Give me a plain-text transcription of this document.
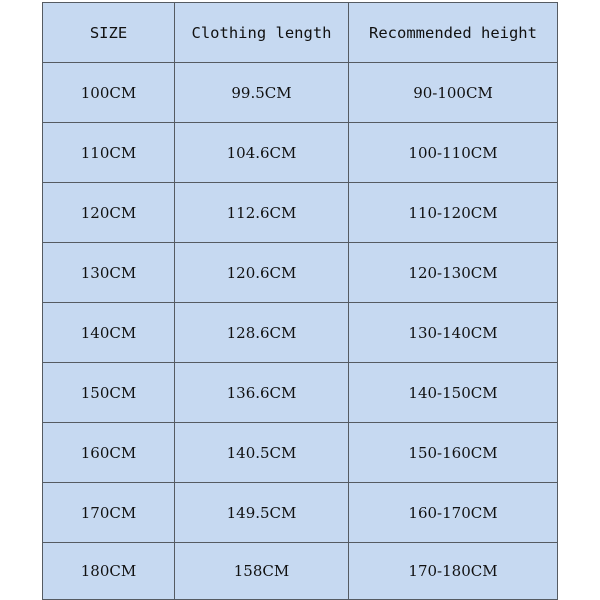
SIZE	Clothing length	Recommended height
100CM	99.5CM	90-100CM
110CM	104.6CM	100-110CM
120CM	112.6CM	110-120CM
130CM	120.6CM	120-130CM
140CM	128.6CM	130-140CM
150CM	136.6CM	140-150CM
160CM	140.5CM	150-160CM
170CM	149.5CM	160-170CM
180CM	158CM	170-180CM
